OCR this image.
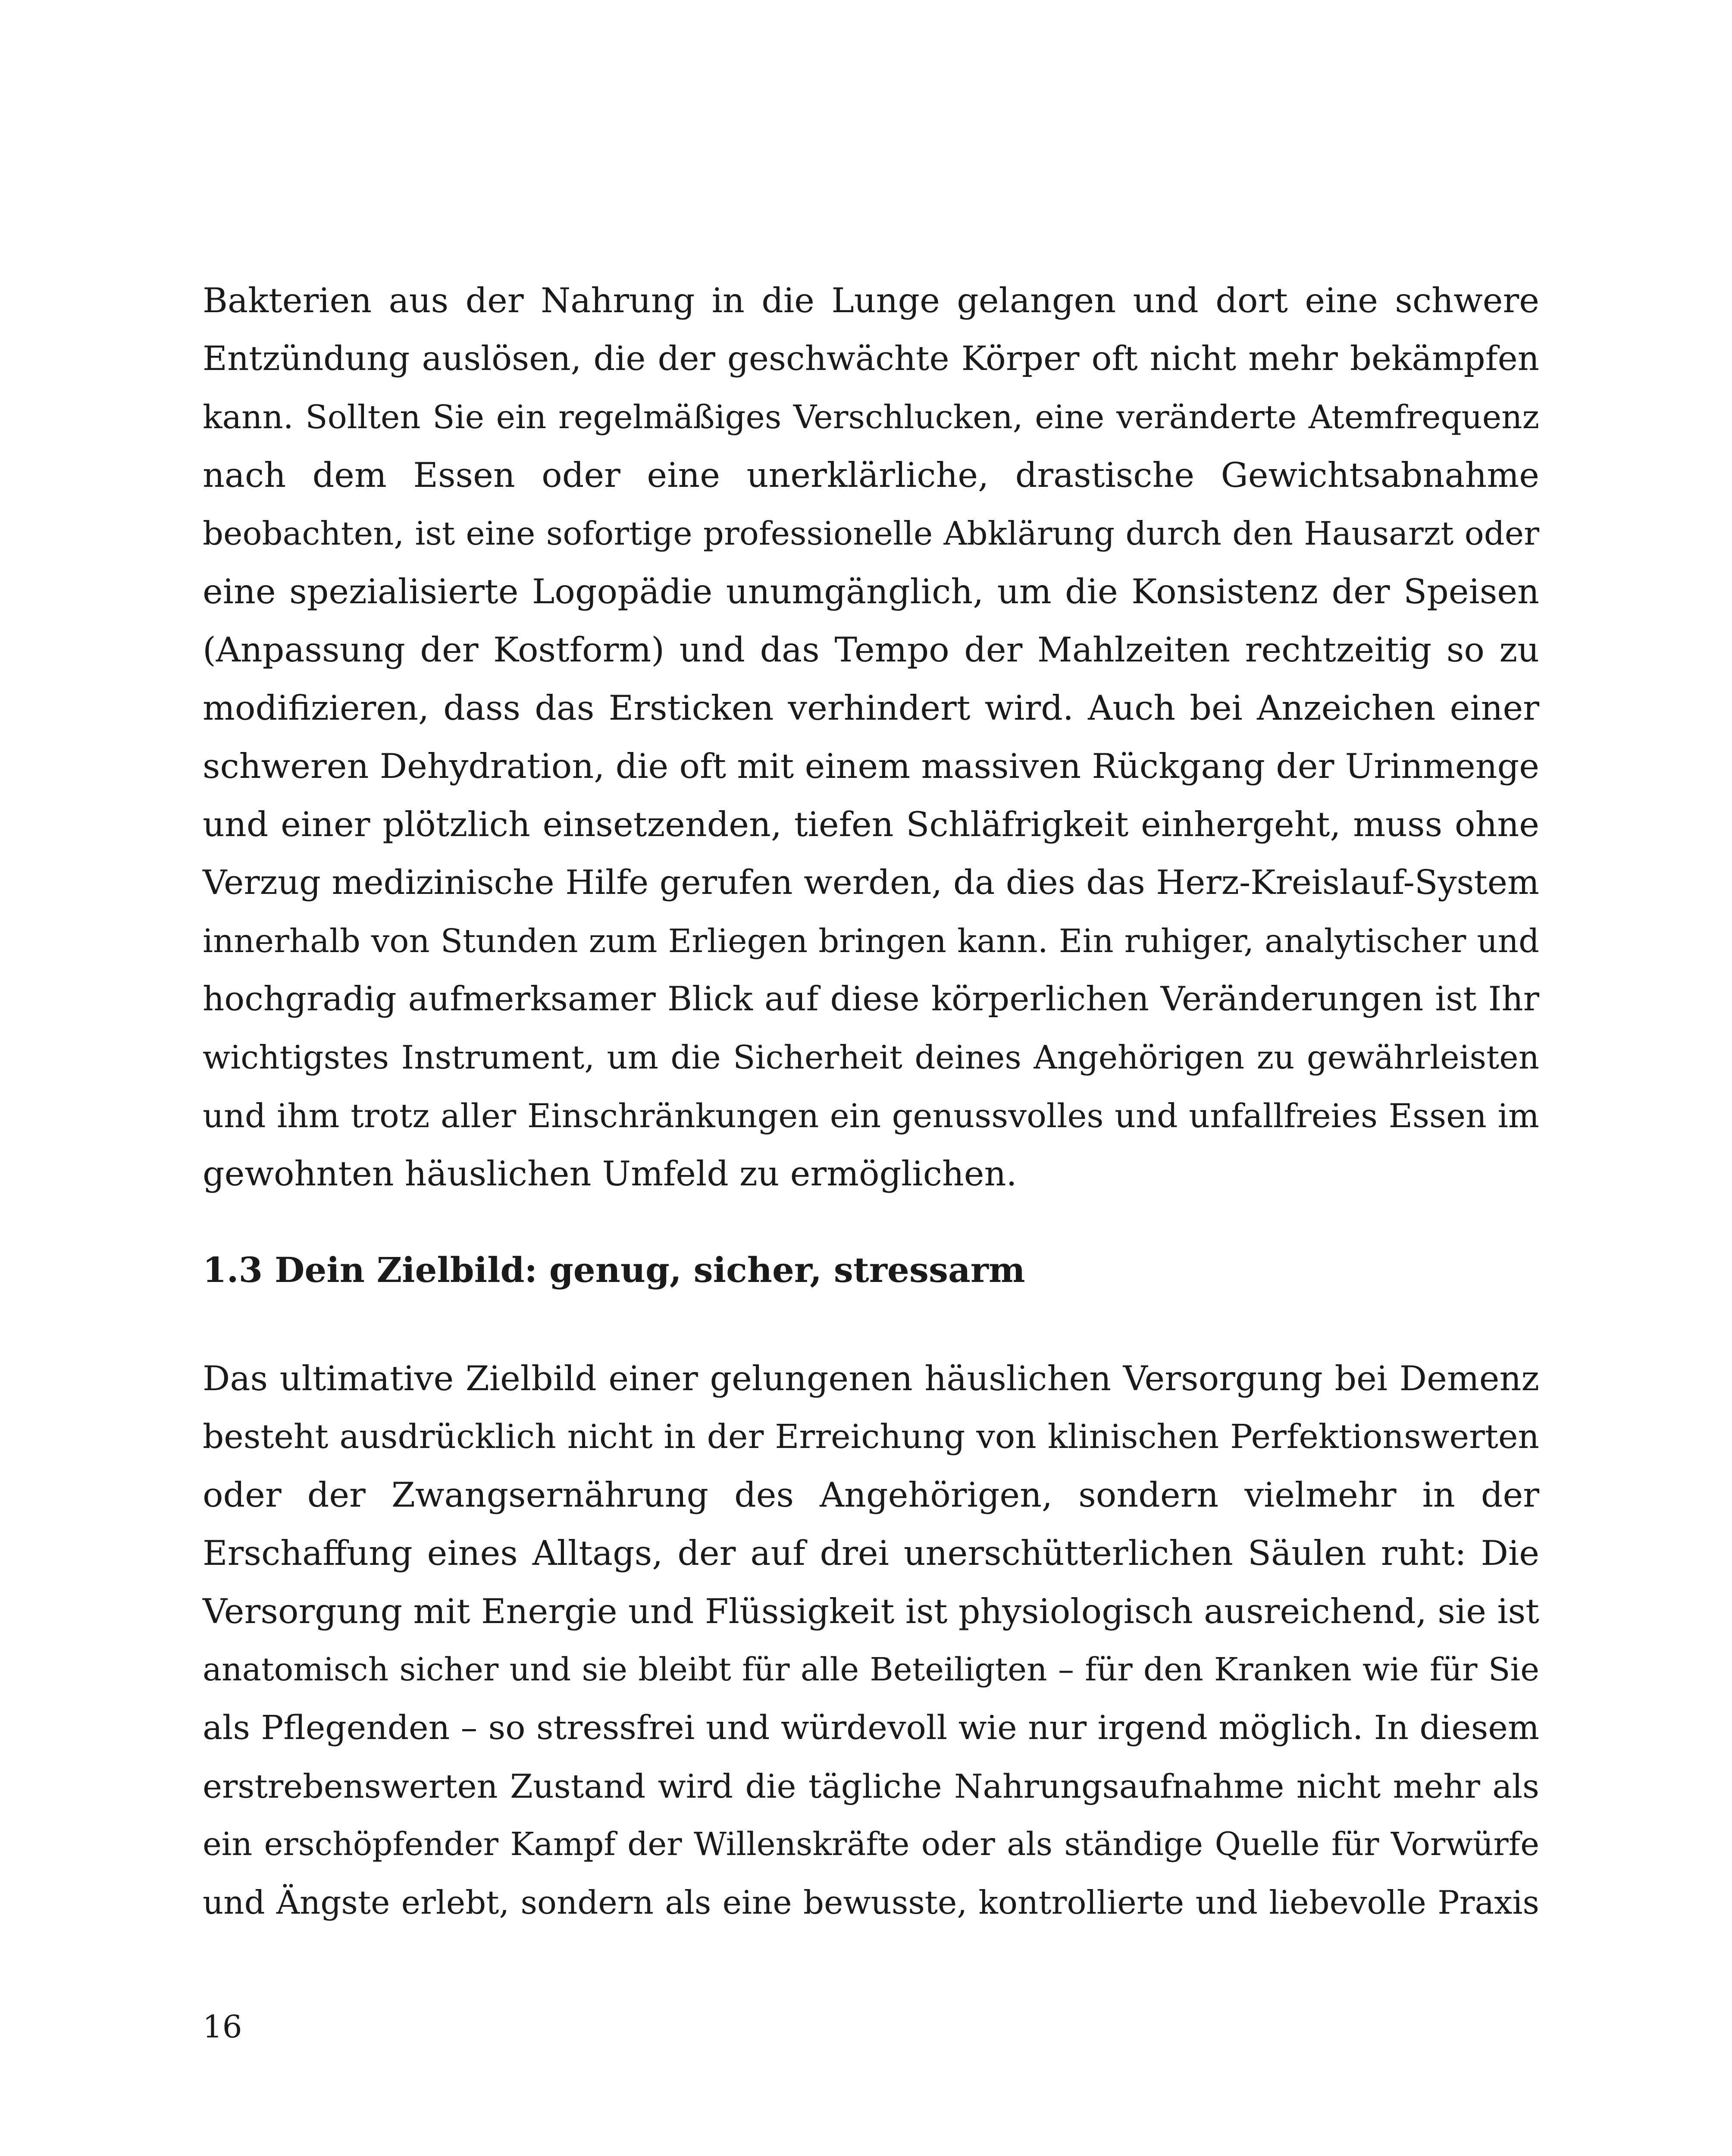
Bakterien aus der Nahrung in die Lunge gelangen und dort eine schwere
Entzündung auslösen, die der geschwächte Körper oft nicht mehr bekämpfen
kann. Sollten Sie ein regelmäßiges Verschlucken, eine veränderte Atemfrequenz
nach dem Essen oder eine unerklärliche, drastische Gewichtsabnahme
beobachten, ist eine sofortige professionelle Abklärung durch den Hausarzt oder
eine spezialisierte Logopädie unumgänglich, um die Konsistenz der Speisen
(Anpassung der Kostform) und das Tempo der Mahlzeiten rechtzeitig so zu
modifizieren, dass das Ersticken verhindert wird. Auch bei Anzeichen einer
schweren Dehydration, die oft mit einem massiven Rückgang der Urinmenge
und einer plötzlich einsetzenden, tiefen Schläfrigkeit einhergeht, muss ohne
Verzug medizinische Hilfe gerufen werden, da dies das Herz-Kreislauf-System
innerhalb von Stunden zum Erliegen bringen kann. Ein ruhiger, analytischer und
hochgradig aufmerksamer Blick auf diese körperlichen Veränderungen ist Ihr
wichtigstes Instrument, um die Sicherheit deines Angehörigen zu gewährleisten
und ihm trotz aller Einschränkungen ein genussvolles und unfallfreies Essen im
gewohnten häuslichen Umfeld zu ermöglichen.
1.3 Dein Zielbild: genug, sicher, stressarm
Das ultimative Zielbild einer gelungenen häuslichen Versorgung bei Demenz
besteht ausdrücklich nicht in der Erreichung von klinischen Perfektionswerten
oder der Zwangsernährung des Angehörigen, sondern vielmehr in der
Erschaffung eines Alltags, der auf drei unerschütterlichen Säulen ruht: Die
Versorgung mit Energie und Flüssigkeit ist physiologisch ausreichend, sie ist
anatomisch sicher und sie bleibt für alle Beteiligten – für den Kranken wie für Sie
als Pflegenden – so stressfrei und würdevoll wie nur irgend möglich. In diesem
erstrebenswerten Zustand wird die tägliche Nahrungsaufnahme nicht mehr als
ein erschöpfender Kampf der Willenskräfte oder als ständige Quelle für Vorwürfe
und Ängste erlebt, sondern als eine bewusste, kontrollierte und liebevolle Praxis
16
